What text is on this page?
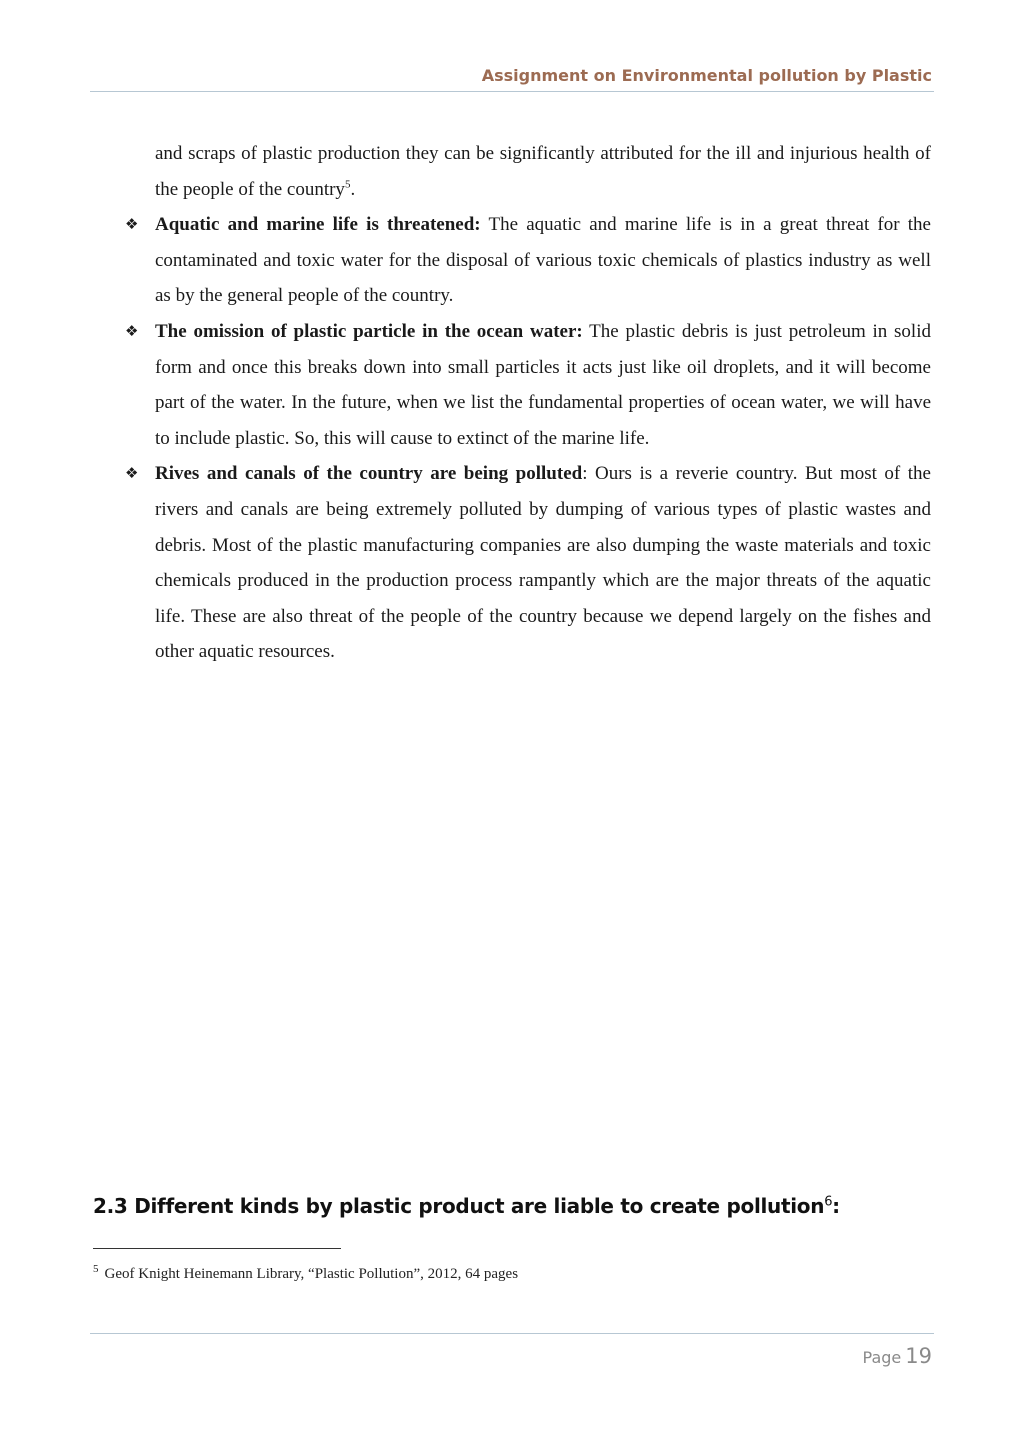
Assignment on Environmental pollution by Plastic

and scraps of plastic production they can be significantly attributed for the ill and injurious health of the people of the country$^5$.

❖ Aquatic and marine life is threatened: The aquatic and marine life is in a great threat for the contaminated and toxic water for the disposal of various toxic chemicals of plastics industry as well as by the general people of the country.
❖ The omission of plastic particle in the ocean water: The plastic debris is just petroleum in solid form and once this breaks down into small particles it acts just like oil droplets, and it will become part of the water. In the future, when we list the fundamental properties of ocean water, we will have to include plastic. So, this will cause to extinct of the marine life.
❖ Rives and canals of the country are being polluted: Ours is a reverie country. But most of the rivers and canals are being extremely polluted by dumping of various types of plastic wastes and debris. Most of the plastic manufacturing companies are also dumping the waste materials and toxic chemicals produced in the production process rampantly which are the major threats of the aquatic life. These are also threat of the people of the country because we depend largely on the fishes and other aquatic resources.
2.3 Different kinds by plastic product are liable to create pollution$^6$:
$^5$ Geof Knight Heinemann Library, “Plastic Pollution”, 2012, 64 pages
Page 19
